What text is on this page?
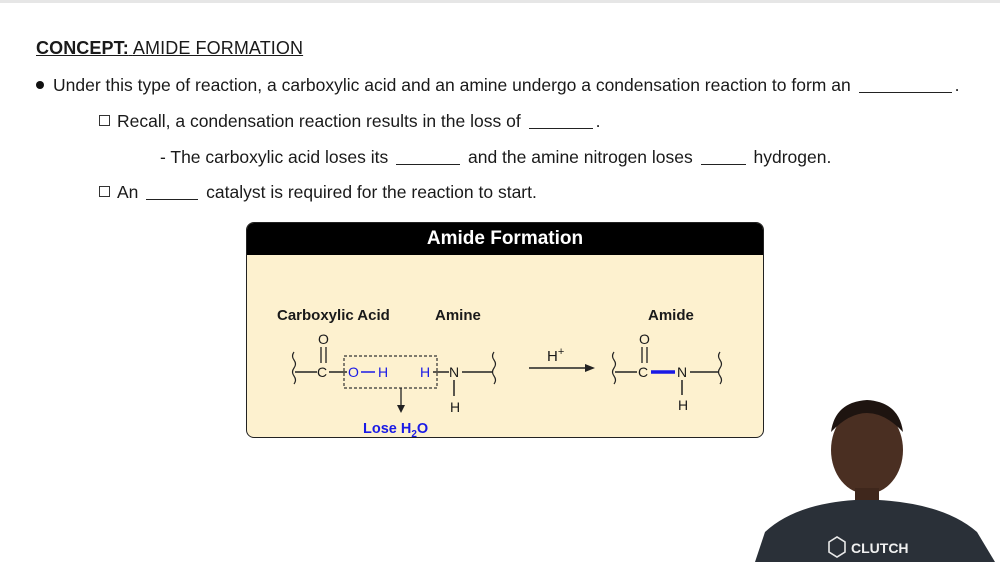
CONCEPT: AMIDE FORMATION
Under this type of reaction, a carboxylic acid and an amine undergo a condensation reaction to form an	.
Recall, a condensation reaction results in the loss of	.
- The carboxylic acid loses its	and the amine nitrogen loses	hydrogen.
An	catalyst is required for the reaction to start.
Amide Formation
Carboxylic Acid	Amine	Amide
C
O
O H H N
H
Lose $H_2O$
H+
C
O
N
H
CLUTCH
